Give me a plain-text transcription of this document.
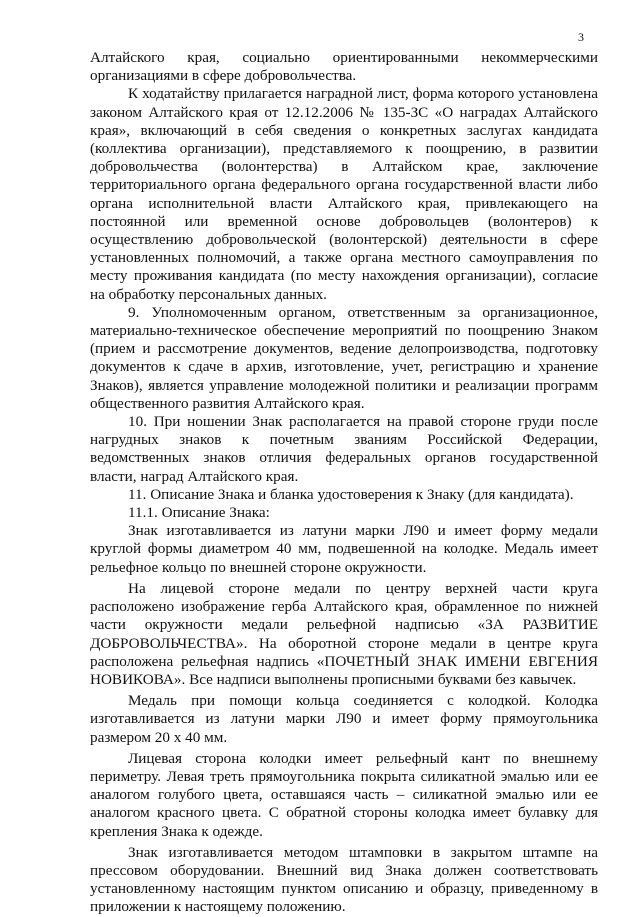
3

Алтайского края, социально ориентированными некоммерческими организациями в сфере добровольчества.

К ходатайству прилагается наградной лист, форма которого установлена законом Алтайского края от 12.12.2006 № 135-ЗС «О наградах Алтайского края», включающий в себя сведения о конкретных заслугах кандидата (коллектива организации), представляемого к поощрению, в развитии добровольчества (волонтерства) в Алтайском крае, заключение территориального органа федерального органа государственной власти либо органа исполнительной власти Алтайского края, привлекающего на постоянной или временной основе добровольцев (волонтеров) к осуществлению добровольческой (волонтерской) деятельности в сфере установленных полномочий, а также органа местного самоуправления по месту проживания кандидата (по месту нахождения организации), согласие на обработку персональных данных.

9. Уполномоченным органом, ответственным за организационное, материально-техническое обеспечение мероприятий по поощрению Знаком (прием и рассмотрение документов, ведение делопроизводства, подготовку документов к сдаче в архив, изготовление, учет, регистрацию и хранение Знаков), является управление молодежной политики и реализации программ общественного развития Алтайского края.

10. При ношении Знак располагается на правой стороне груди после нагрудных знаков к почетным званиям Российской Федерации, ведомственных знаков отличия федеральных органов государственной власти, наград Алтайского края.

11. Описание Знака и бланка удостоверения к Знаку (для кандидата).

11.1. Описание Знака:

Знак изготавливается из латуни марки Л90 и имеет форму медали круглой формы диаметром 40 мм, подвешенной на колодке. Медаль имеет рельефное кольцо по внешней стороне окружности.

На лицевой стороне медали по центру верхней части круга расположено изображение герба Алтайского края, обрамленное по нижней части окружности медали рельефной надписью «ЗА РАЗВИТИЕ ДОБРОВОЛЬЧЕСТВА». На оборотной стороне медали в центре круга расположена рельефная надпись «ПОЧЕТНЫЙ ЗНАК ИМЕНИ ЕВГЕНИЯ НОВИКОВА». Все надписи выполнены прописными буквами без кавычек.

Медаль при помощи кольца соединяется с колодкой. Колодка изготавливается из латуни марки Л90 и имеет форму прямоугольника размером 20 х 40 мм.

Лицевая сторона колодки имеет рельефный кант по внешнему периметру. Левая треть прямоугольника покрыта силикатной эмалью или ее аналогом голубого цвета, оставшаяся часть – силикатной эмалью или ее аналогом красного цвета. С обратной стороны колодка имеет булавку для крепления Знака к одежде.

Знак изготавливается методом штамповки в закрытом штампе на прессовом оборудовании. Внешний вид Знака должен соответствовать установленному настоящим пунктом описанию и образцу, приведенному в приложении к настоящему положению.
